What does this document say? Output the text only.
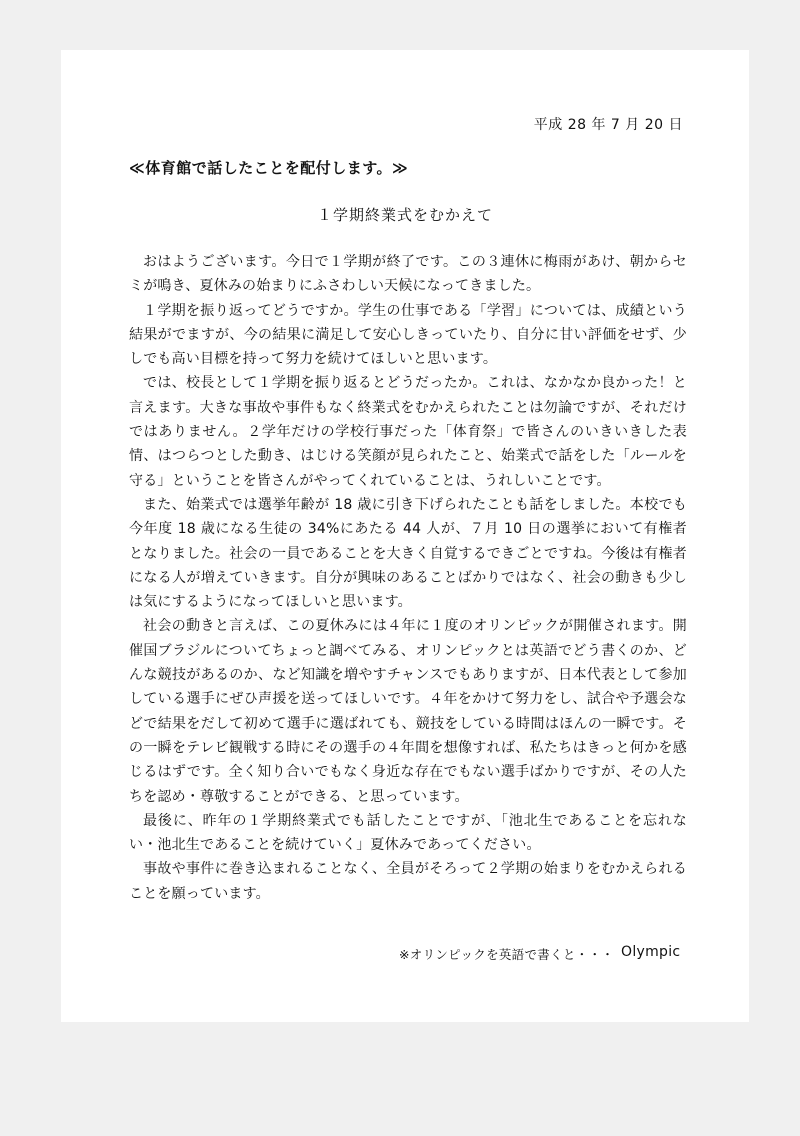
平成 28 年 7 月 20 日
≪体育館で話したことを配付します。≫
１学期終業式をむかえて

おはようございます。今日で１学期が終了です。この３連休に梅雨があけ、朝からセミが鳴き、夏休みの始まりにふさわしい天候になってきました。

１学期を振り返ってどうですか。学生の仕事である「学習」については、成績という結果がでますが、今の結果に満足して安心しきっていたり、自分に甘い評価をせず、少しでも高い目標を持って努力を続けてほしいと思います。

では、校長として１学期を振り返るとどうだったか。これは、なかなか良かった！と言えます。大きな事故や事件もなく終業式をむかえられたことは勿論ですが、それだけではありません。２学年だけの学校行事だった「体育祭」で皆さんのいきいきした表情、はつらつとした動き、はじける笑顔が見られたこと、始業式で話をした「ルールを守る」ということを皆さんがやってくれていることは、うれしいことです。

また、始業式では選挙年齢が 18 歳に引き下げられたことも話をしました。本校でも今年度 18 歳になる生徒の 34%にあたる 44 人が、７月 10 日の選挙において有権者となりました。社会の一員であることを大きく自覚するできごとですね。今後は有権者になる人が増えていきます。自分が興味のあることばかりではなく、社会の動きも少しは気にするようになってほしいと思います。

社会の動きと言えば、この夏休みには４年に１度のオリンピックが開催されます。開催国ブラジルについてちょっと調べてみる、オリンピックとは英語でどう書くのか、どんな競技があるのか、など知識を増やすチャンスでもありますが、日本代表として参加している選手にぜひ声援を送ってほしいです。４年をかけて努力をし、試合や予選会などで結果をだして初めて選手に選ばれても、競技をしている時間はほんの一瞬です。その一瞬をテレビ観戦する時にその選手の４年間を想像すれば、私たちはきっと何かを感じるはずです。全く知り合いでもなく身近な存在でもない選手ばかりですが、その人たちを認め・尊敬することができる、と思っています。

最後に、昨年の１学期終業式でも話したことですが、「池北生であることを忘れない・池北生であることを続けていく」夏休みであってください。

事故や事件に巻き込まれることなく、全員がそろって２学期の始まりをむかえられることを願っています。

※オリンピックを英語で書くと・・・ Olympic
